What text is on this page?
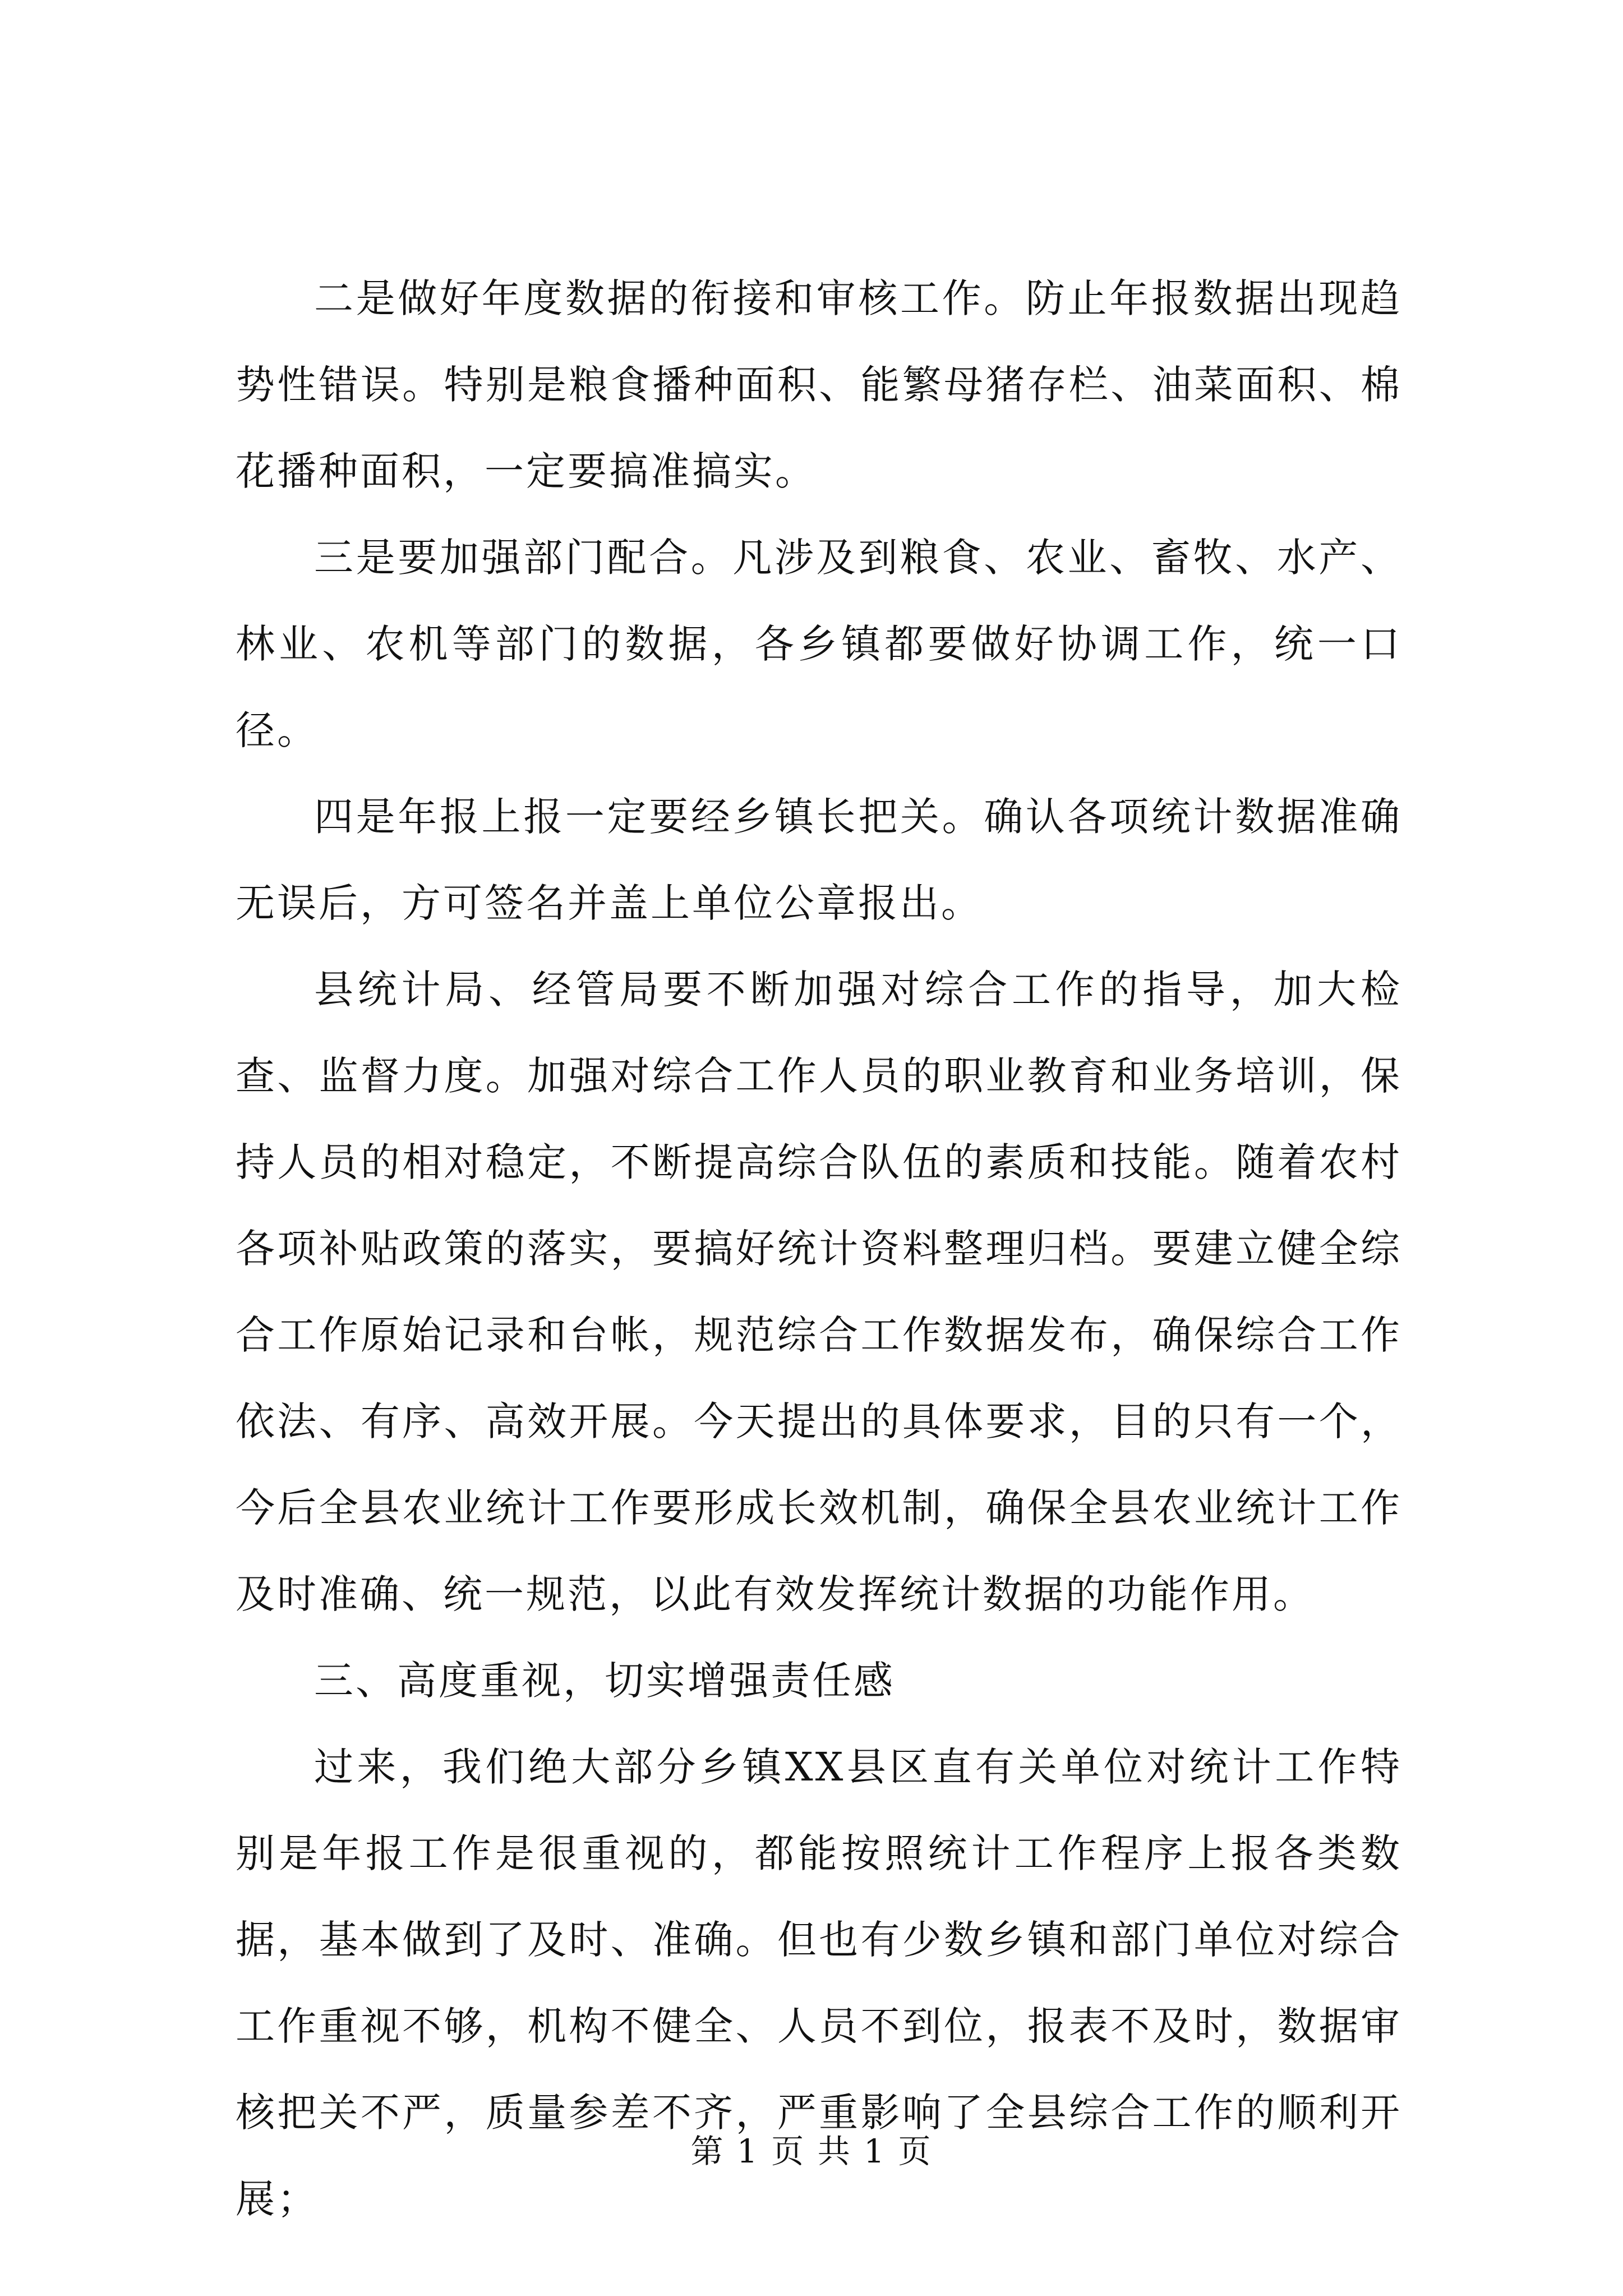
二是做好年度数据的衔接和审核工作。防止年报数据出现趋势性错误。特别是粮食播种面积、能繁母猪存栏、油菜面积、棉花播种面积，一定要搞准搞实。

三是要加强部门配合。凡涉及到粮食、农业、畜牧、水产、林业、农机等部门的数据，各乡镇都要做好协调工作，统一口径。

四是年报上报一定要经乡镇长把关。确认各项统计数据准确无误后，方可签名并盖上单位公章报出。

县统计局、经管局要不断加强对综合工作的指导，加大检查、监督力度。加强对综合工作人员的职业教育和业务培训，保持人员的相对稳定，不断提高综合队伍的素质和技能。随着农村各项补贴政策的落实，要搞好统计资料整理归档。要建立健全综合工作原始记录和台帐，规范综合工作数据发布，确保综合工作依法、有序、高效开展。今天提出的具体要求，目的只有一个，今后全县农业统计工作要形成长效机制，确保全县农业统计工作及时准确、统一规范，以此有效发挥统计数据的功能作用。

三、高度重视，切实增强责任感

过来，我们绝大部分乡镇XX县区直有关单位对统计工作特别是年报工作是很重视的，都能按照统计工作程序上报各类数据，基本做到了及时、准确。但也有少数乡镇和部门单位对综合工作重视不够，机构不健全、人员不到位，报表不及时，数据审核把关不严，质量参差不齐，严重影响了全县综合工作的顺利开展；

第 1 页 共 1 页
